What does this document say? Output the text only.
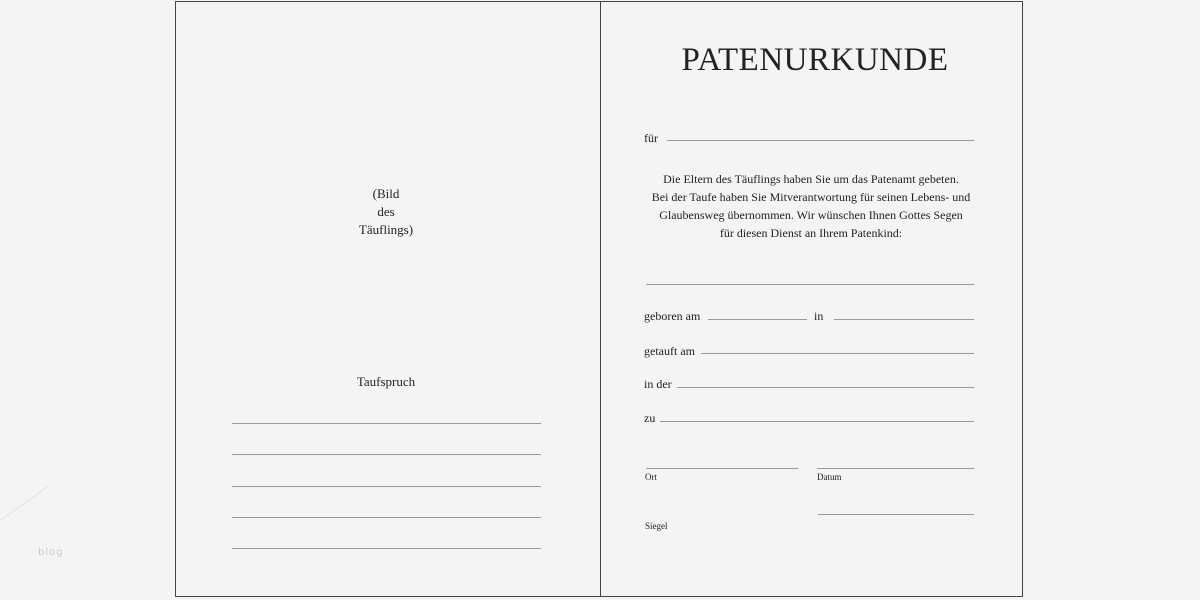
blog
(Bild
des
Täuflings)
Taufspruch
PATENURKUNDE
für
Die Eltern des Täuflings haben Sie um das Patenamt gebeten.
Bei der Taufe haben Sie Mitverantwortung für seinen Lebens- und
Glaubensweg übernommen. Wir wünschen Ihnen Gottes Segen
für diesen Dienst an Ihrem Patenkind:
geboren am	in
getauft am
in der
zu
Ort	Datum
Siegel
